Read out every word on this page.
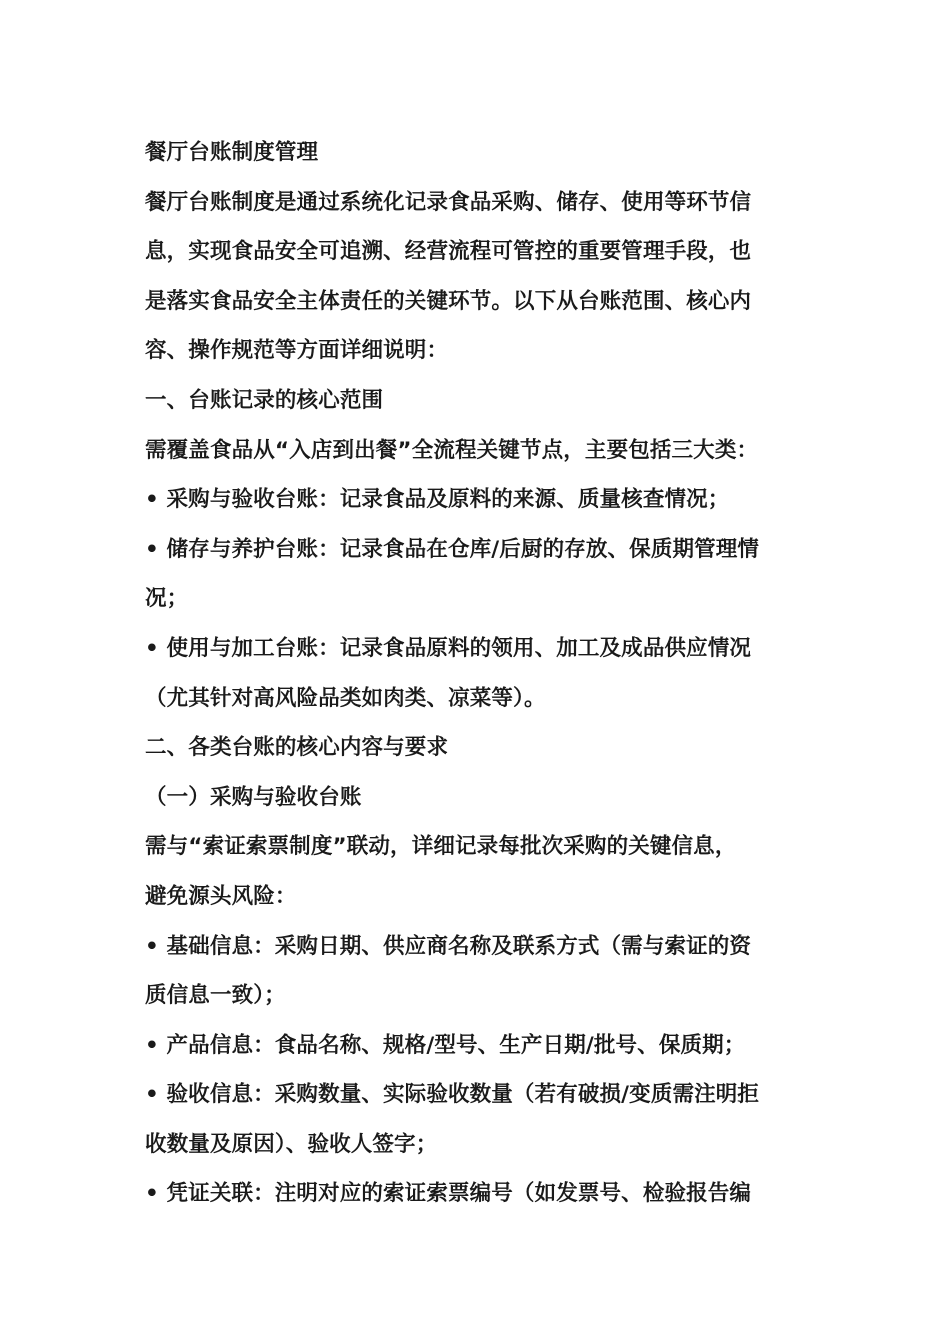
餐厅台账制度管理
餐厅台账制度是通过系统化记录食品采购、储存、使用等环节信
息，实现食品安全可追溯、经营流程可管控的重要管理手段，也
是落实食品安全主体责任的关键环节。以下从台账范围、核心内
容、操作规范等方面详细说明：
一、台账记录的核心范围
需覆盖食品从“入店到出餐”全流程关键节点，主要包括三大类：
• 采购与验收台账：记录食品及原料的来源、质量核查情况；
• 储存与养护台账：记录食品在仓库/后厨的存放、保质期管理情
况；
• 使用与加工台账：记录食品原料的领用、加工及成品供应情况
（尤其针对高风险品类如肉类、凉菜等）。
二、各类台账的核心内容与要求
（一）采购与验收台账
需与“索证索票制度”联动，详细记录每批次采购的关键信息，
避免源头风险：
• 基础信息：采购日期、供应商名称及联系方式（需与索证的资
质信息一致）；
• 产品信息：食品名称、规格/型号、生产日期/批号、保质期；
• 验收信息：采购数量、实际验收数量（若有破损/变质需注明拒
收数量及原因）、验收人签字；
• 凭证关联：注明对应的索证索票编号（如发票号、检验报告编
